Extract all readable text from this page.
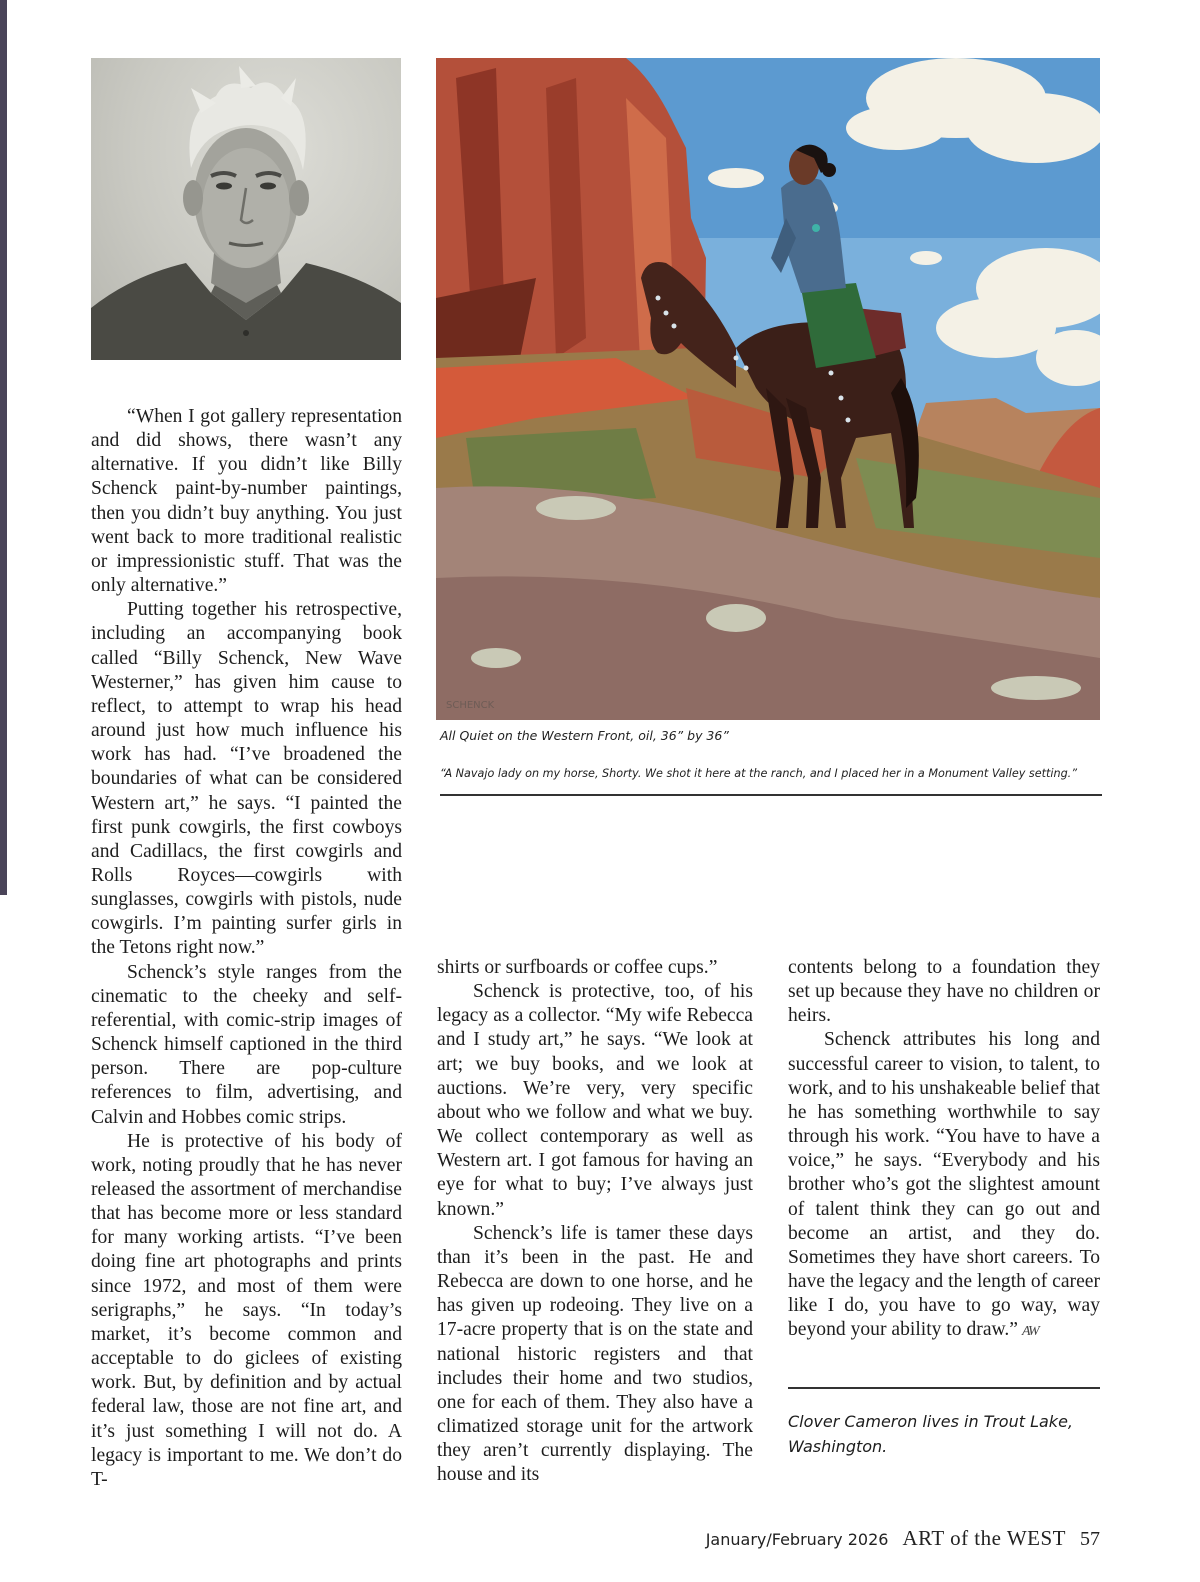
SCHENCK
All Quiet on the Western Front, oil, 36” by 36”
“A Navajo lady on my horse, Shorty. We shot it here at the ranch, and I placed her in a Monument Valley setting.”

“When I got gallery representation and did shows, there wasn’t any alternative. If you didn’t like Billy Schenck paint-by-number paintings, then you didn’t buy anything. You just went back to more traditional realistic or impressionistic stuff. That was the only alternative.”

Putting together his retrospective, including an accompanying book called “Billy Schenck, New Wave Westerner,” has given him cause to reflect, to attempt to wrap his head around just how much influence his work has had. “I’ve broadened the boundaries of what can be considered Western art,” he says. “I painted the first punk cowgirls, the first cowboys and Cadillacs, the first cowgirls and Rolls Royces—cowgirls with sunglasses, cowgirls with pistols, nude cowgirls. I’m painting surfer girls in the Tetons right now.”

Schenck’s style ranges from the cinematic to the cheeky and self-referential, with comic-strip images of Schenck himself captioned in the third person. There are pop-culture references to film, advertising, and Calvin and Hobbes comic strips.

He is protective of his body of work, noting proudly that he has never released the assortment of merchandise that has become more or less standard for many working artists. “I’ve been doing fine art photographs and prints since 1972, and most of them were serigraphs,” he says. “In today’s market, it’s become common and acceptable to do giclees of existing work. But, by definition and by actual federal law, those are not fine art, and it’s just something I will not do. A legacy is important to me. We don’t do T-

shirts or surfboards or coffee cups.”

Schenck is protective, too, of his legacy as a collector. “My wife Rebecca and I study art,” he says. “We look at art; we buy books, and we look at auctions. We’re very, very specific about who we follow and what we buy. We collect contemporary as well as Western art. I got famous for having an eye for what to buy; I’ve always just known.”

Schenck’s life is tamer these days than it’s been in the past. He and Rebecca are down to one horse, and he has given up rodeoing. They live on a 17-acre property that is on the state and national historic registers and that includes their home and two studios, one for each of them. They also have a climatized storage unit for the artwork they aren’t currently displaying. The house and its

contents belong to a foundation they set up because they have no children or heirs.

Schenck attributes his long and successful career to vision, to talent, to work, and to his unshakeable belief that he has something worthwhile to say through his work. “You have to have a voice,” he says. “Everybody and his brother who’s got the slightest amount of talent think they can go out and become an artist, and they do. Sometimes they have short careers. To have the legacy and the length of career like I do, you have to go way, way beyond your ability to draw.” AW

Clover Cameron lives in Trout Lake, Washington.
January/February 2026 ART of the WEST 57
